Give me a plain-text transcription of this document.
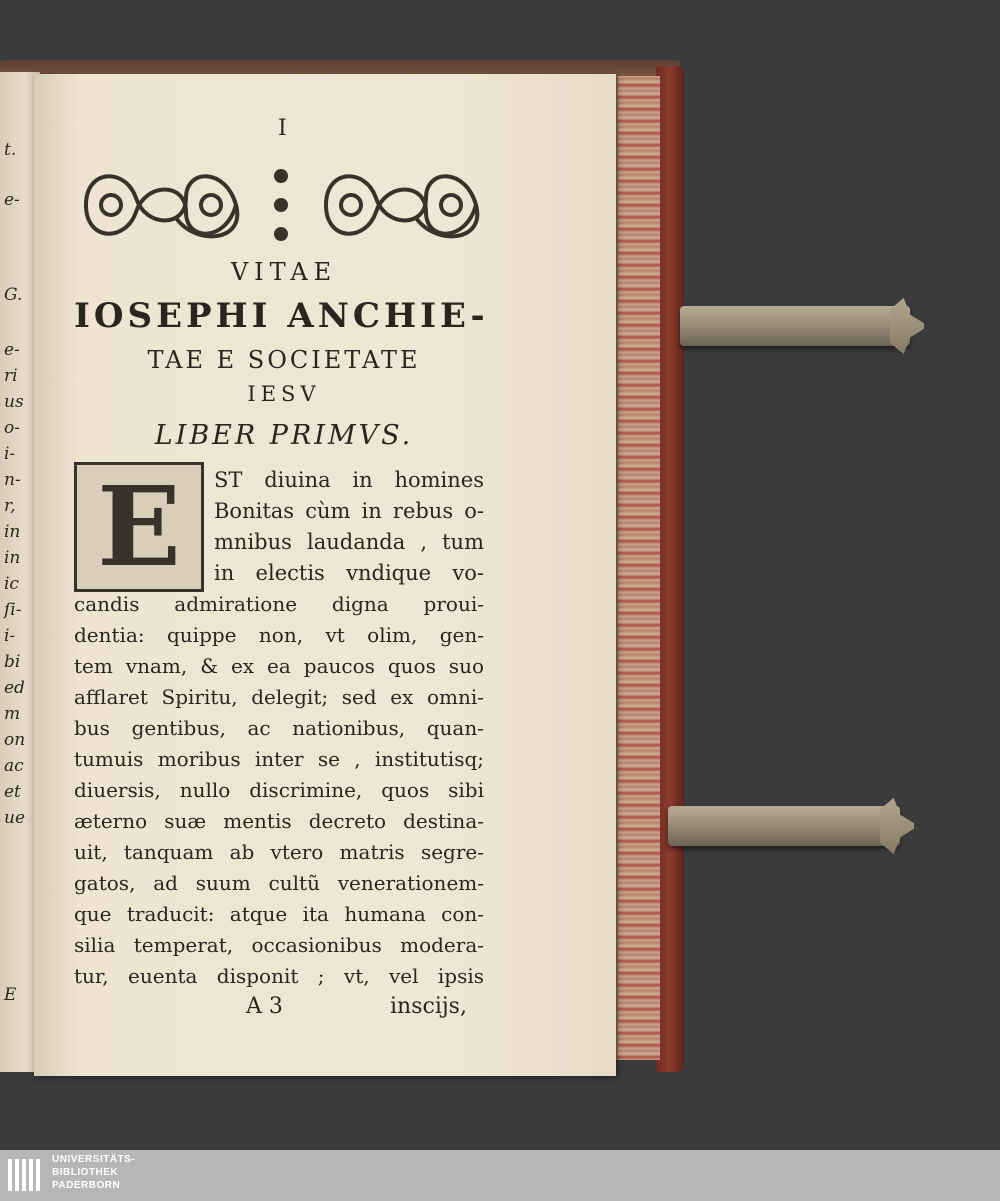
I
VITAE
IOSEPHI ANCHIE-
TAE E SOCIETATE
IESV
LIBER PRIMVS.
E	ST diuina in homines
Bonitas cùm in rebus o-
mnibus laudanda , tum
in electis vndique vo-
candis admiratione digna proui-
dentia: quippe non, vt olim, gen-
tem vnam, & ex ea paucos quos suo
afflaret Spiritu, delegit; sed ex omni-
bus gentibus, ac nationibus, quan-
tumuis moribus inter se , institutisq;
diuersis, nullo discrimine, quos sibi
æterno suæ mentis decreto destina-
uit, tanquam ab vtero matris segre-
gatos, ad suum cultũ venerationem-
que traducit: atque ita humana con-
silia temperat, occasionibus modera-
tur, euenta disponit ; vt, vel ipsis
A 3	inscijs,
t.
e-
G.
e-
ri
us
o-
i-
n-
r,
in
in
ic
ſi-
i-
bi
ed
m
on
ac
et
ue
E
UNIVERSITÄTS-
BIBLIOTHEK
PADERBORN
